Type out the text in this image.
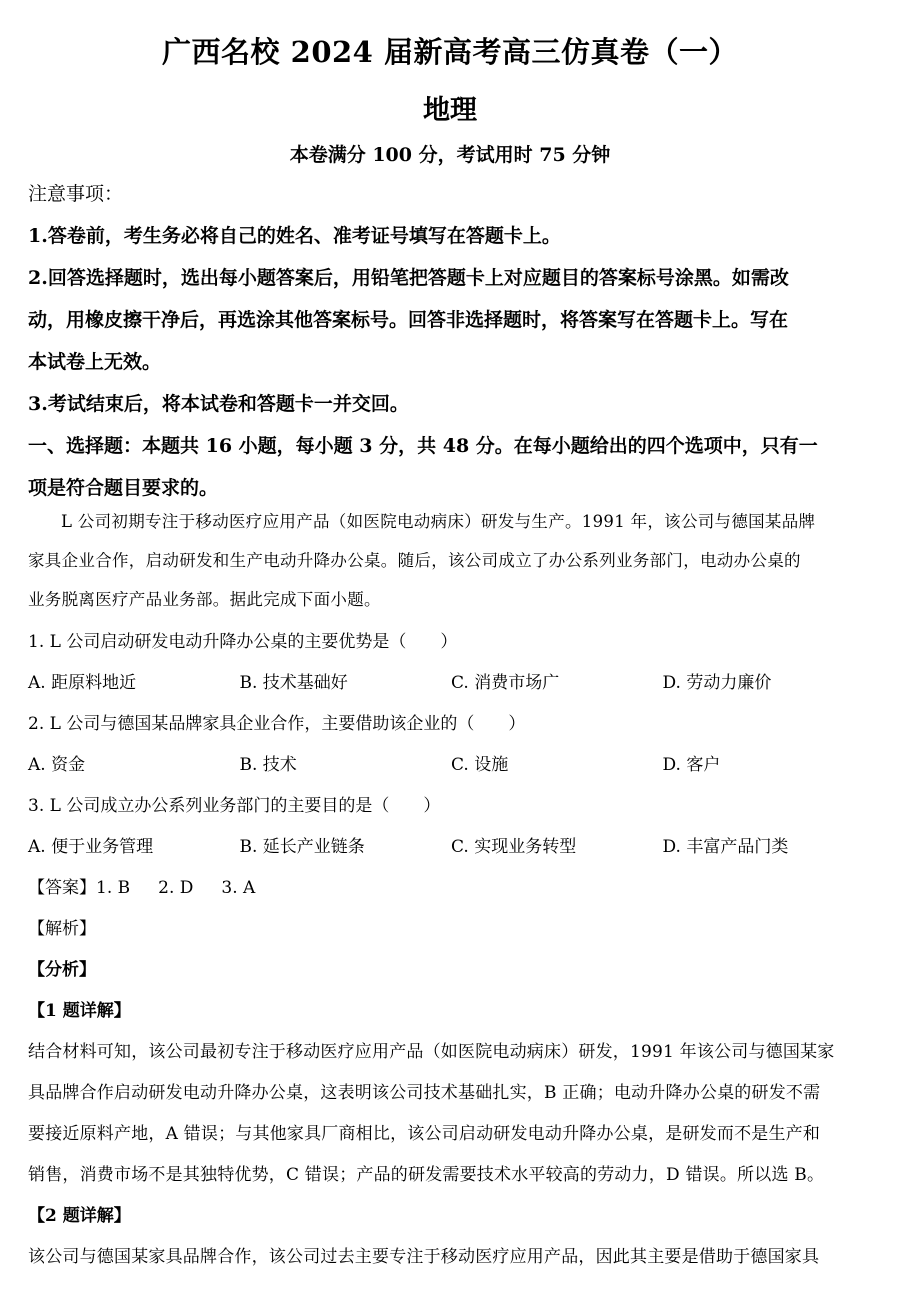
广西名校 2024 届新高考高三仿真卷（一）
地理
本卷满分 100 分，考试用时 75 分钟

注意事项：

1.答卷前，考生务必将自己的姓名、准考证号填写在答题卡上。

2.回答选择题时，选出每小题答案后，用铅笔把答题卡上对应题目的答案标号涂黑。如需改

动，用橡皮擦干净后，再选涂其他答案标号。回答非选择题时，将答案写在答题卡上。写在

本试卷上无效。

3.考试结束后，将本试卷和答题卡一并交回。

一、选择题：本题共 16 小题，每小题 3 分，共 48 分。在每小题给出的四个选项中，只有一

项是符合题目要求的。

L 公司初期专注于移动医疗应用产品（如医院电动病床）研发与生产。1991 年，该公司与德国某品牌
家具企业合作，启动研发和生产电动升降办公桌。随后，该公司成立了办公系列业务部门，电动办公桌的
业务脱离医疗产品业务部。据此完成下面小题。
1. L 公司启动研发电动升降办公桌的主要优势是（　　）
A. 距原料地近	B. 技术基础好	C. 消费市场广	D. 劳动力廉价
2. L 公司与德国某品牌家具企业合作，主要借助该企业的（　　）
A. 资金	B. 技术	C. 设施	D. 客户
3. L 公司成立办公系列业务部门的主要目的是（　　）
A. 便于业务管理	B. 延长产业链条	C. 实现业务转型	D. 丰富产品门类
【答案】1. B 2. D 3. A
【解析】
【分析】
【1 题详解】
结合材料可知，该公司最初专注于移动医疗应用产品（如医院电动病床）研发，1991 年该公司与德国某家
具品牌合作启动研发电动升降办公桌，这表明该公司技术基础扎实，B 正确；电动升降办公桌的研发不需
要接近原料产地，A 错误；与其他家具厂商相比，该公司启动研发电动升降办公桌，是研发而不是生产和
销售，消费市场不是其独特优势，C 错误；产品的研发需要技术水平较高的劳动力，D 错误。所以选 B。
【2 题详解】
该公司与德国某家具品牌合作，该公司过去主要专注于移动医疗应用产品，因此其主要是借助于德国家具
